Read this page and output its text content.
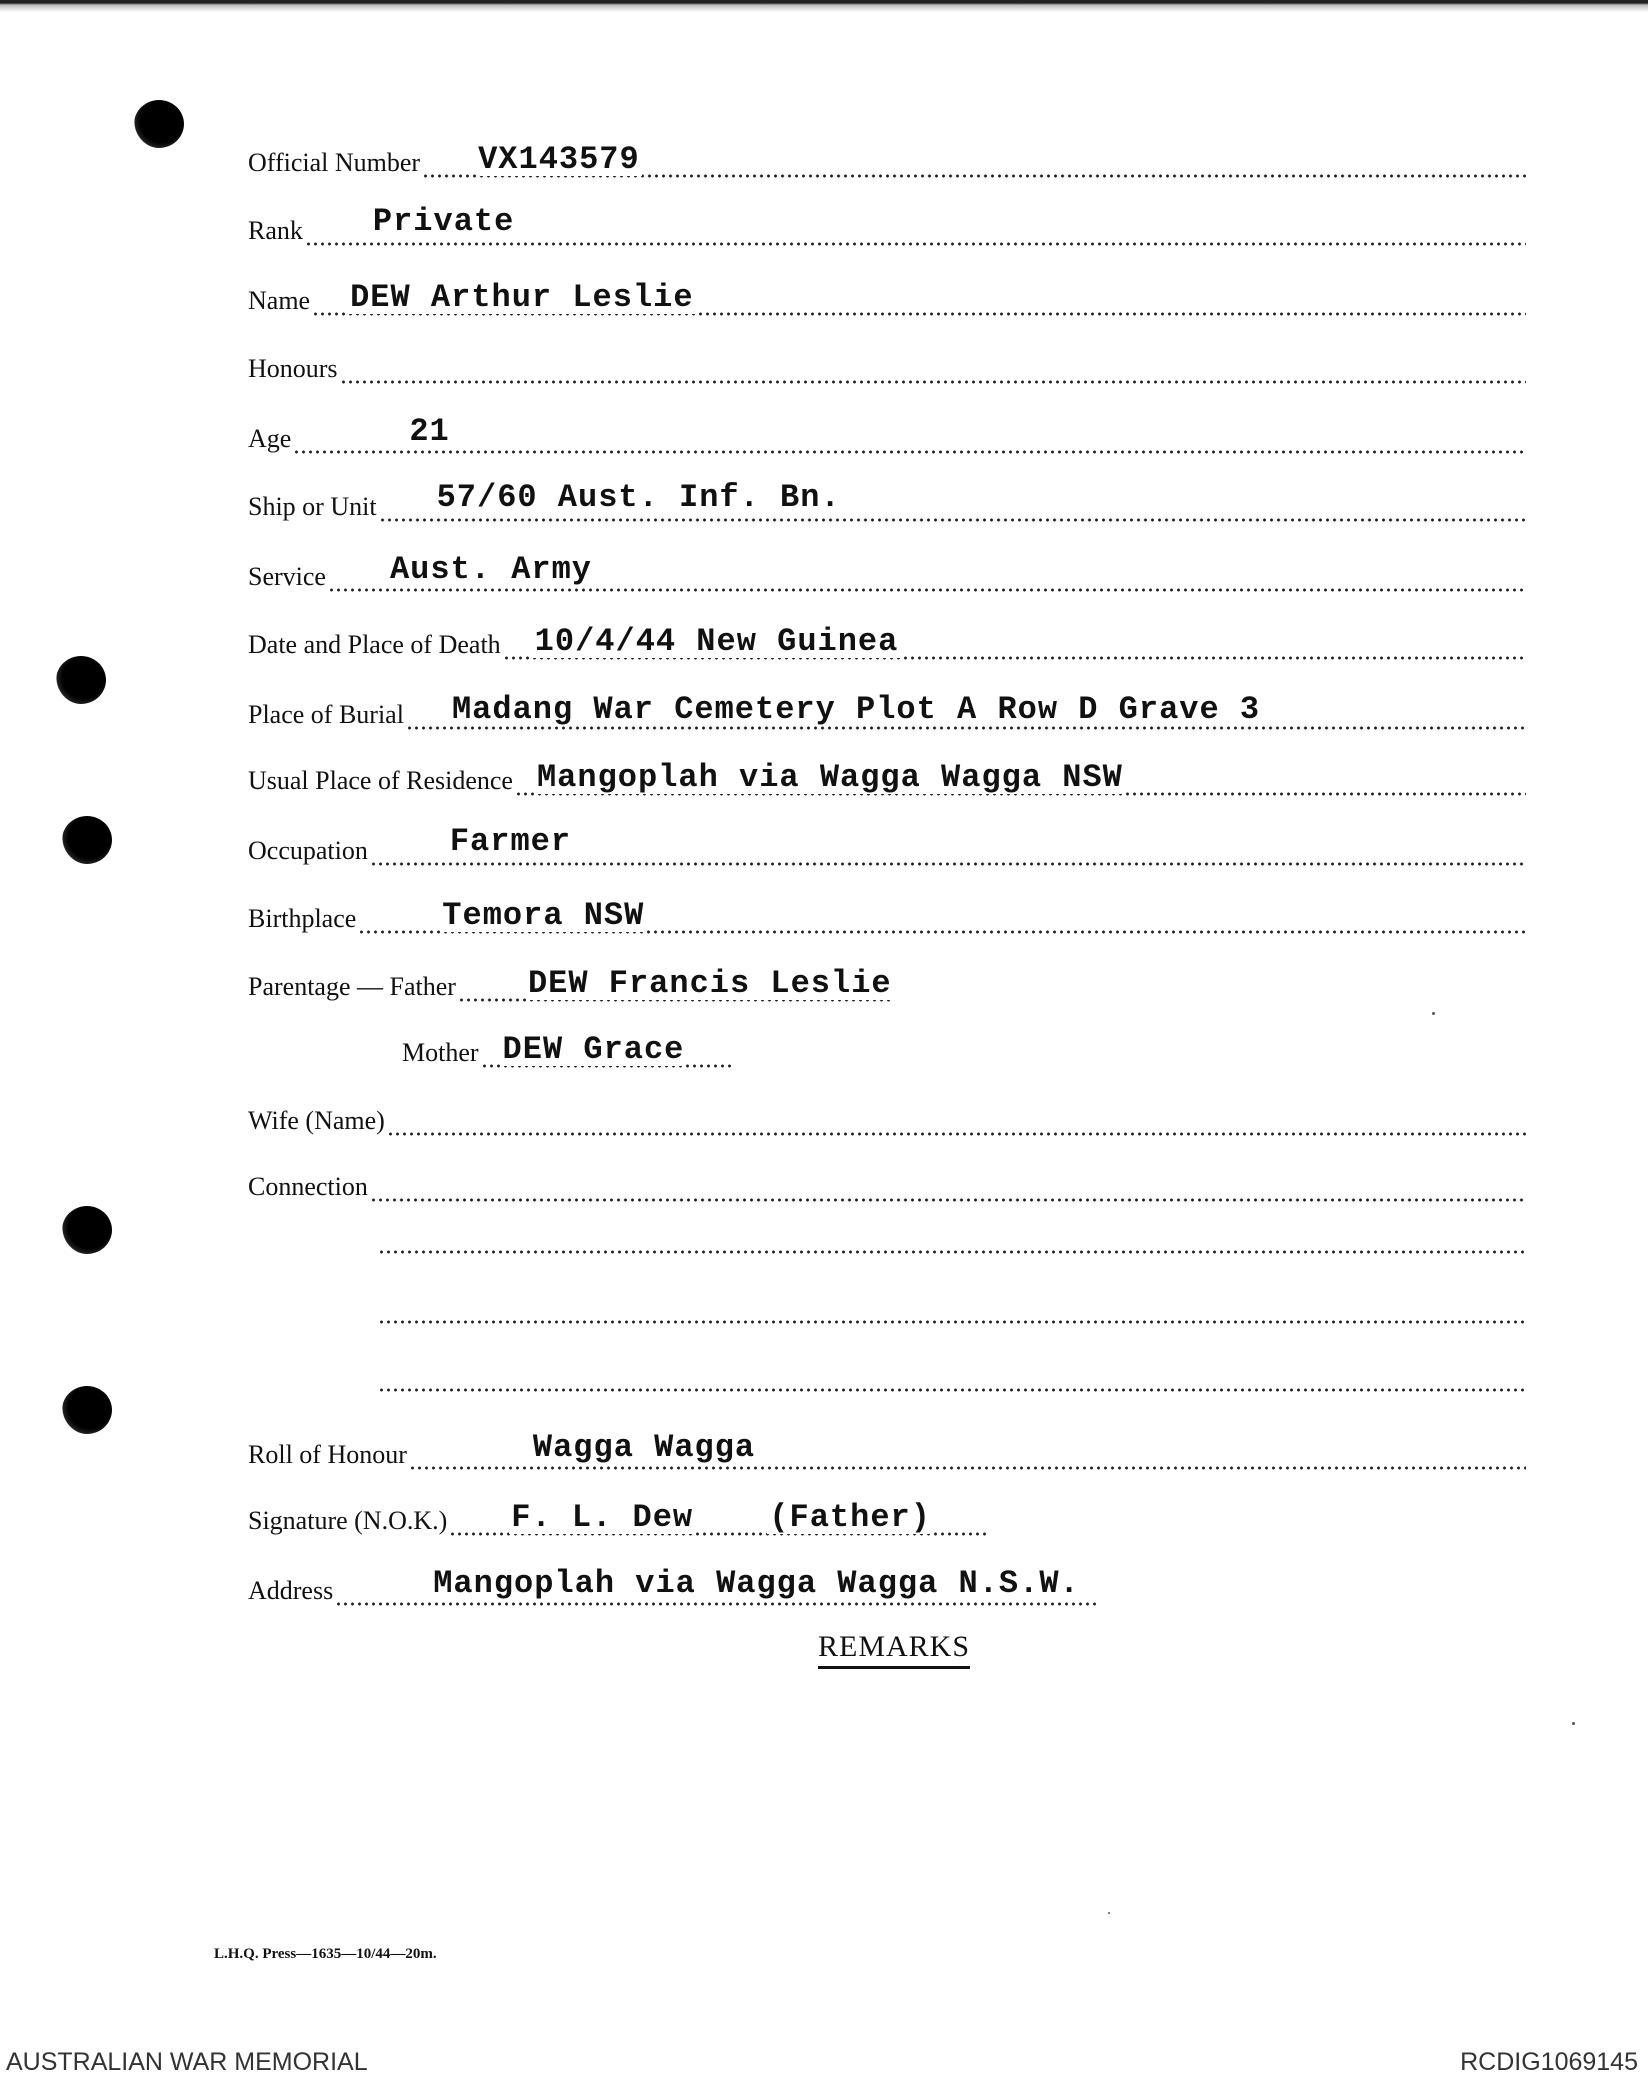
Official Number VX143579
Rank Private
Name DEW Arthur Leslie
Honours
Age	21
Ship or Unit 57/60 Aust. Inf. Bn.
Service Aust. Army
Date and Place of Death 10/4/44 New Guinea
Place of Burial Madang War Cemetery Plot A Row D Grave 3
Usual Place of Residence Mangoplah via Wagga Wagga NSW
Occupation	Farmer
Birthplace	Temora NSW
Parentage — Father DEW Francis Leslie
Mother DEW Grace
Wife (Name)
Connection
Roll of Honour	Wagga Wagga
Signature (N.O.K.) F. L. Dew (Father)
Address	Mangoplah via Wagga Wagga N.S.W.
REMARKS
L.H.Q. Press—1635—10/44—20m.
AUSTRALIAN WAR MEMORIAL	RCDIG1069145
